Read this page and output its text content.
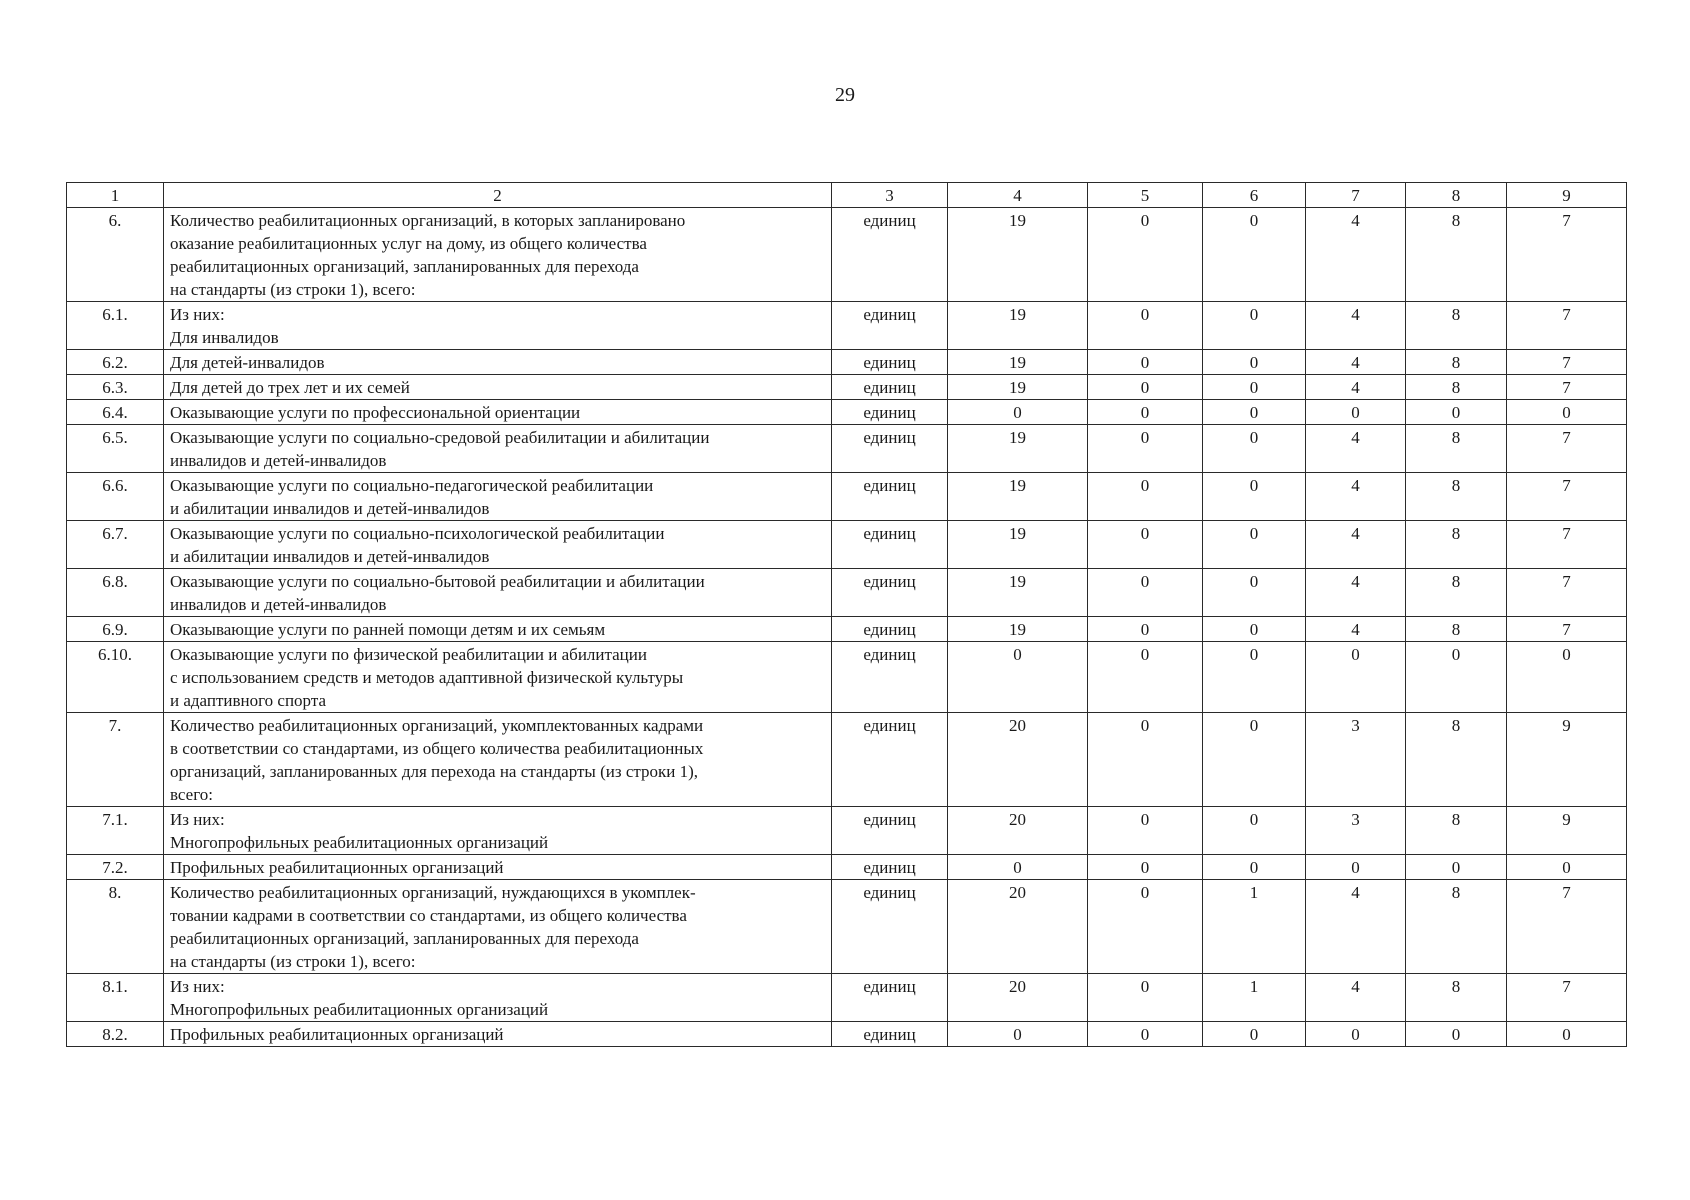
29
1	2	3	4	5	6	7	8	9
6.	Количество реабилитационных организаций, в которых запланировано
оказание реабилитационных услуг на дому, из общего количества
реабилитационных организаций, запланированных для перехода
на стандарты (из строки 1), всего:	единиц	19	0	0	4	8	7
6.1.	Из них:
Для инвалидов	единиц	19	0	0	4	8	7
6.2.	Для детей-инвалидов	единиц	19	0	0	4	8	7
6.3.	Для детей до трех лет и их семей	единиц	19	0	0	4	8	7
6.4.	Оказывающие услуги по профессиональной ориентации	единиц	0	0	0	0	0	0
6.5.	Оказывающие услуги по социально-средовой реабилитации и абилитации
инвалидов и детей-инвалидов	единиц	19	0	0	4	8	7
6.6.	Оказывающие услуги по социально-педагогической реабилитации
и абилитации инвалидов и детей-инвалидов	единиц	19	0	0	4	8	7
6.7.	Оказывающие услуги по социально-психологической реабилитации
и абилитации инвалидов и детей-инвалидов	единиц	19	0	0	4	8	7
6.8.	Оказывающие услуги по социально-бытовой реабилитации и абилитации
инвалидов и детей-инвалидов	единиц	19	0	0	4	8	7
6.9.	Оказывающие услуги по ранней помощи детям и их семьям	единиц	19	0	0	4	8	7
6.10.	Оказывающие услуги по физической реабилитации и абилитации
с использованием средств и методов адаптивной физической культуры
и адаптивного спорта	единиц	0	0	0	0	0	0
7.	Количество реабилитационных организаций, укомплектованных кадрами
в соответствии со стандартами, из общего количества реабилитационных
организаций, запланированных для перехода на стандарты (из строки 1),
всего:	единиц	20	0	0	3	8	9
7.1.	Из них:
Многопрофильных реабилитационных организаций	единиц	20	0	0	3	8	9
7.2.	Профильных реабилитационных организаций	единиц	0	0	0	0	0	0
8.	Количество реабилитационных организаций, нуждающихся в укомплек-
товании кадрами в соответствии со стандартами, из общего количества
реабилитационных организаций, запланированных для перехода
на стандарты (из строки 1), всего:	единиц	20	0	1	4	8	7
8.1.	Из них:
Многопрофильных реабилитационных организаций	единиц	20	0	1	4	8	7
8.2.	Профильных реабилитационных организаций	единиц	0	0	0	0	0	0
